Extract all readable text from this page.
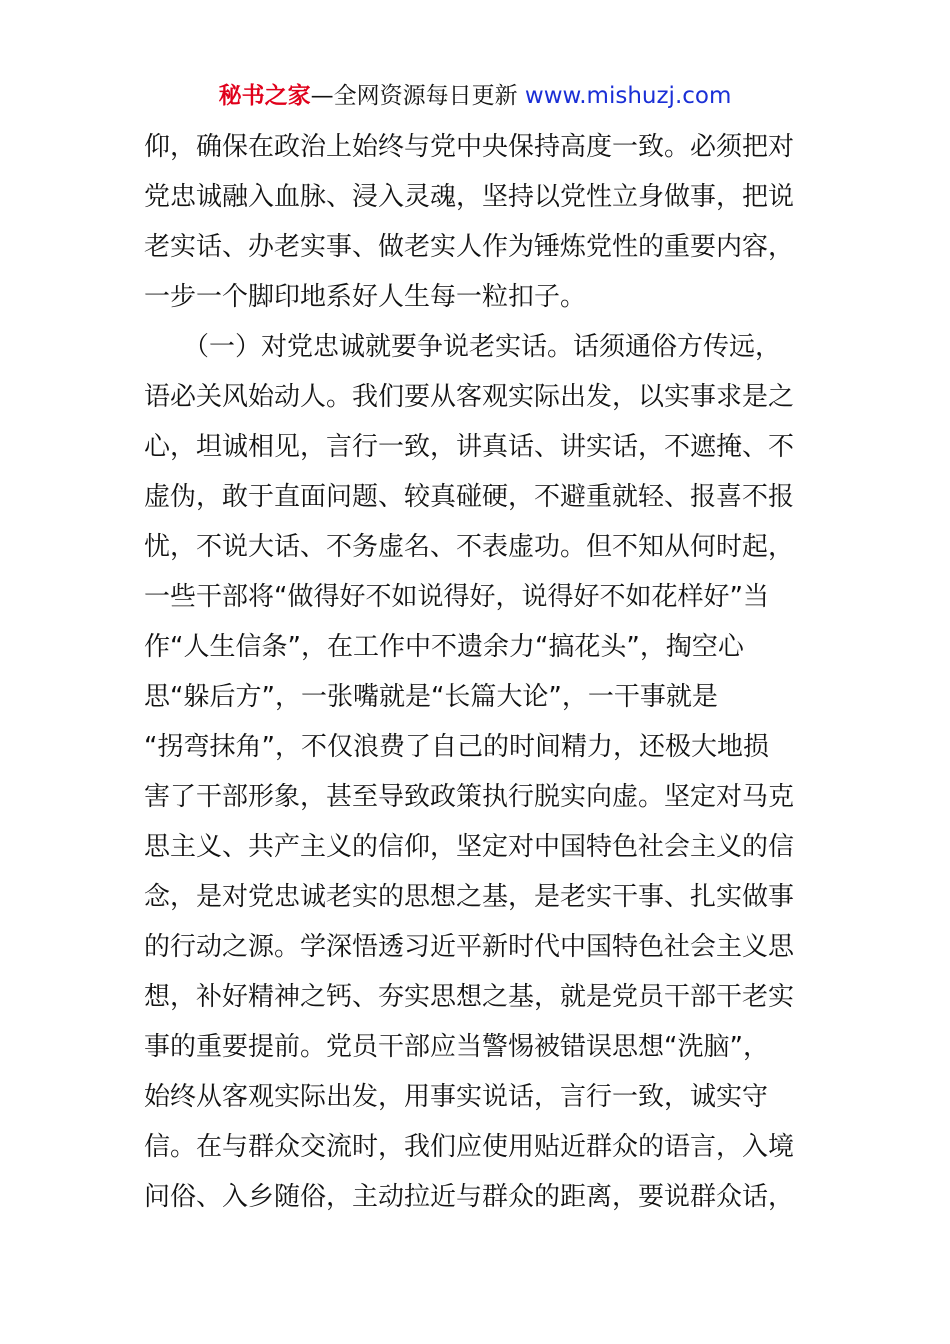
秘书之家—全网资源每日更新 www.mishuzj.com
仰，确保在政治上始终与党中央保持高度一致。必须把对
党忠诚融入血脉、浸入灵魂，坚持以党性立身做事，把说
老实话、办老实事、做老实人作为锤炼党性的重要内容，
一步一个脚印地系好人生每一粒扣子。
　　（一）对党忠诚就要争说老实话。话须通俗方传远，
语必关风始动人。我们要从客观实际出发，以实事求是之
心，坦诚相见，言行一致，讲真话、讲实话，不遮掩、不
虚伪，敢于直面问题、较真碰硬，不避重就轻、报喜不报
忧，不说大话、不务虚名、不表虚功。但不知从何时起，
一些干部将“做得好不如说得好，说得好不如花样好”当
作“人生信条”，在工作中不遗余力“搞花头”，掏空心
思“躲后方”，一张嘴就是“长篇大论”，一干事就是
“拐弯抹角”，不仅浪费了自己的时间精力，还极大地损
害了干部形象，甚至导致政策执行脱实向虚。坚定对马克
思主义、共产主义的信仰，坚定对中国特色社会主义的信
念，是对党忠诚老实的思想之基，是老实干事、扎实做事
的行动之源。学深悟透习近平新时代中国特色社会主义思
想，补好精神之钙、夯实思想之基，就是党员干部干老实
事的重要提前。党员干部应当警惕被错误思想“洗脑”，
始终从客观实际出发，用事实说话，言行一致，诚实守
信。在与群众交流时，我们应使用贴近群众的语言，入境
问俗、入乡随俗，主动拉近与群众的距离，要说群众话，
